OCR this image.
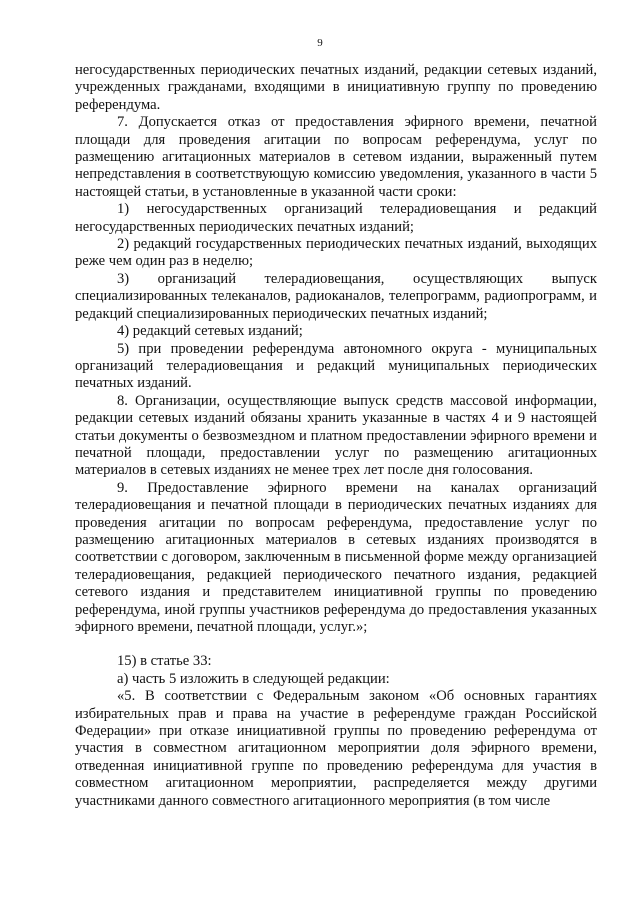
9

негосударственных периодических печатных изданий, редакции сетевых изданий, учрежденных гражданами, входящими в инициативную группу по проведению референдума.

7. Допускается отказ от предоставления эфирного времени, печатной площади для проведения агитации по вопросам референдума, услуг по размещению агитационных материалов в сетевом издании, выраженный путем непредставления в соответствующую комиссию уведомления, указанного в части 5 настоящей статьи, в установленные в указанной части сроки:

1) негосударственных организаций телерадиовещания и редакций негосударственных периодических печатных изданий;

2) редакций государственных периодических печатных изданий, выходящих реже чем один раз в неделю;

3) организаций телерадиовещания, осуществляющих выпуск специализированных телеканалов, радиоканалов, телепрограмм, радиопрограмм, и редакций специализированных периодических печатных изданий;

4) редакций сетевых изданий;

5) при проведении референдума автономного округа - муниципальных организаций телерадиовещания и редакций муниципальных периодических печатных изданий.

8. Организации, осуществляющие выпуск средств массовой информации, редакции сетевых изданий обязаны хранить указанные в частях 4 и 9 настоящей статьи документы о безвозмездном и платном предоставлении эфирного времени и печатной площади, предоставлении услуг по размещению агитационных материалов в сетевых изданиях не менее трех лет после дня голосования.

9. Предоставление эфирного времени на каналах организаций телерадиовещания и печатной площади в периодических печатных изданиях для проведения агитации по вопросам референдума, предоставление услуг по размещению агитационных материалов в сетевых изданиях производятся в соответствии с договором, заключенным в письменной форме между организацией телерадиовещания, редакцией периодического печатного издания, редакцией сетевого издания и представителем инициативной группы по проведению референдума, иной группы участников референдума до предоставления указанных эфирного времени, печатной площади, услуг.»;

15) в статье 33:

а) часть 5 изложить в следующей редакции:

«5. В соответствии с Федеральным законом «Об основных гарантиях избирательных прав и права на участие в референдуме граждан Российской Федерации» при отказе инициативной группы по проведению референдума от участия в совместном агитационном мероприятии доля эфирного времени, отведенная инициативной группе по проведению референдума для участия в совместном агитационном мероприятии, распределяется между другими участниками данного совместного агитационного мероприятия (в том числе
